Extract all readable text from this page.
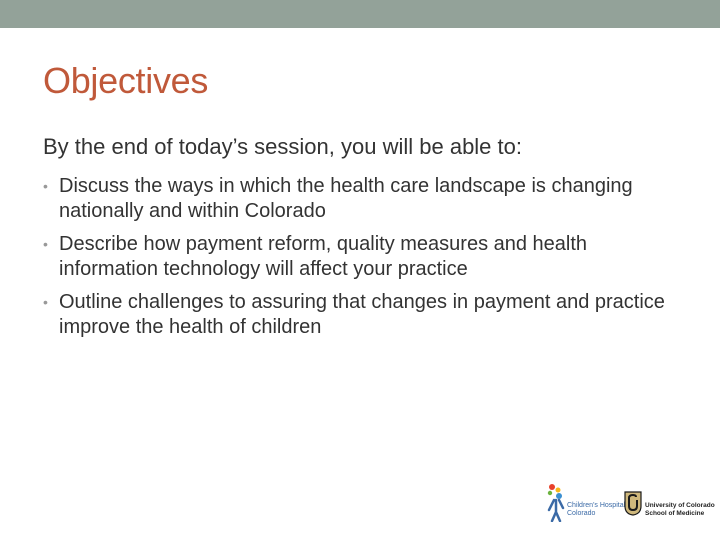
Objectives
By the end of today’s session, you will be able to:
• Discuss the ways in which the health care landscape is changing nationally and within Colorado
• Describe how payment reform, quality measures and health information technology will affect your practice
• Outline challenges to assuring that changes in payment and practice improve the health of children
Children's Hospital
Colorado
University of Colorado
School of Medicine
